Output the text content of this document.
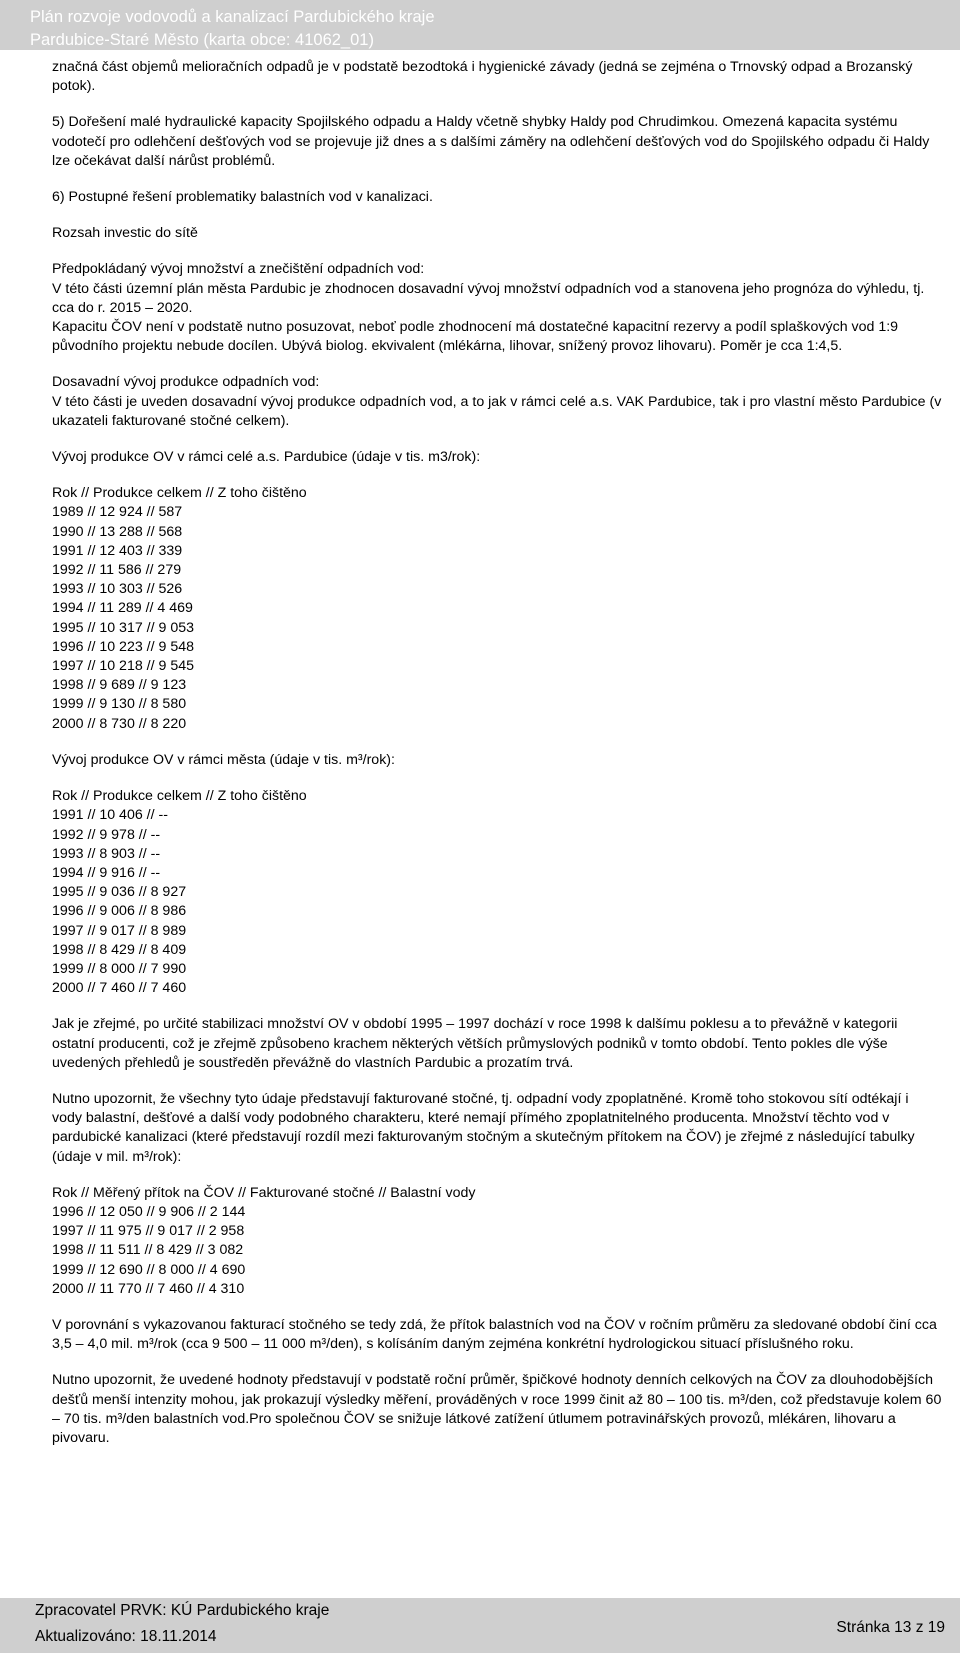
Plán rozvoje vodovodů a kanalizací Pardubického kraje
Pardubice-Staré Město (karta obce: 41062_01)

značná část objemů melioračních odpadů je v podstatě bezodtoká i hygienické závady (jedná se zejména o Trnovský odpad a Brozanský potok).

5) Dořešení malé hydraulické kapacity Spojilského odpadu a Haldy včetně shybky Haldy pod Chrudimkou. Omezená kapacita systému vodotečí pro odlehčení dešťových vod se projevuje již dnes a s dalšími záměry na odlehčení dešťových vod do Spojilského odpadu či Haldy lze očekávat další nárůst problémů.

6) Postupné řešení problematiky balastních vod v kanalizaci.

Rozsah investic do sítě

Předpokládaný vývoj množství a znečištění odpadních vod:

V této části územní plán města Pardubic je zhodnocen dosavadní vývoj množství odpadních vod a stanovena jeho prognóza do výhledu, tj. cca do r. 2015 – 2020.

Kapacitu ČOV není v podstatě nutno posuzovat, neboť podle zhodnocení má dostatečné kapacitní rezervy a podíl splaškových vod 1:9 původního projektu nebude docílen. Ubývá biolog. ekvivalent (mlékárna, lihovar, snížený provoz lihovaru). Poměr je cca 1:4,5.

Dosavadní vývoj produkce odpadních vod:

V této části je uveden dosavadní vývoj produkce odpadních vod, a to jak v rámci celé a.s. VAK Pardubice, tak i pro vlastní město Pardubice (v ukazateli fakturované stočné celkem).

Vývoj produkce OV v rámci celé a.s. Pardubice (údaje v tis. m3/rok):

Rok // Produkce celkem // Z toho čištěno
1989 // 12 924 // 587
1990 // 13 288 // 568
1991 // 12 403 // 339
1992 // 11 586 // 279
1993 // 10 303 // 526
1994 // 11 289 // 4 469
1995 // 10 317 // 9 053
1996 // 10 223 // 9 548
1997 // 10 218 // 9 545
1998 // 9 689 // 9 123
1999 // 9 130 // 8 580
2000 // 8 730 // 8 220

Vývoj produkce OV v rámci města (údaje v tis. m³/rok):

Rok // Produkce celkem // Z toho čištěno
1991 // 10 406 // --
1992 // 9 978 // --
1993 // 8 903 // --
1994 // 9 916 // --
1995 // 9 036 // 8 927
1996 // 9 006 // 8 986
1997 // 9 017 // 8 989
1998 // 8 429 // 8 409
1999 // 8 000 // 7 990
2000 // 7 460 // 7 460

Jak je zřejmé, po určité stabilizaci množství OV v období 1995 – 1997 dochází v roce 1998 k dalšímu poklesu a to převážně v kategorii ostatní producenti, což je zřejmě způsobeno krachem některých větších průmyslových podniků v tomto období. Tento pokles dle výše uvedených přehledů je soustředěn převážně do vlastních Pardubic a prozatím trvá.

Nutno upozornit, že všechny tyto údaje představují fakturované stočné, tj. odpadní vody zpoplatněné. Kromě toho stokovou sítí odtékají i vody balastní, dešťové a další vody podobného charakteru, které nemají přímého zpoplatnitelného producenta. Množství těchto vod v pardubické kanalizaci (které představují rozdíl mezi fakturovaným stočným a skutečným přítokem na ČOV) je zřejmé z následující tabulky (údaje v mil. m³/rok):

Rok // Měřený přítok na ČOV // Fakturované stočné // Balastní vody
1996 // 12 050 // 9 906 // 2 144
1997 // 11 975 // 9 017 // 2 958
1998 // 11 511 // 8 429 // 3 082
1999 // 12 690 // 8 000 // 4 690
2000 // 11 770 // 7 460 // 4 310

V porovnání s vykazovanou fakturací stočného se tedy zdá, že přítok balastních vod na ČOV v ročním průměru za sledované období činí cca 3,5 – 4,0 mil. m³/rok (cca 9 500 – 11 000 m³/den), s kolísáním daným zejména konkrétní hydrologickou situací příslušného roku.

Nutno upozornit, že uvedené hodnoty představují v podstatě roční průměr, špičkové hodnoty denních celkových na ČOV za dlouhodobějších dešťů menší intenzity mohou, jak prokazují výsledky měření, prováděných v roce 1999 činit až 80 – 100 tis. m³/den, což představuje kolem 60 – 70 tis. m³/den balastních vod.Pro společnou ČOV se snižuje látkové zatížení útlumem potravinářských provozů, mlékáren, lihovaru a pivovaru.

Zpracovatel PRVK: KÚ Pardubického kraje
Aktualizováno: 18.11.2014
Stránka 13 z 19
